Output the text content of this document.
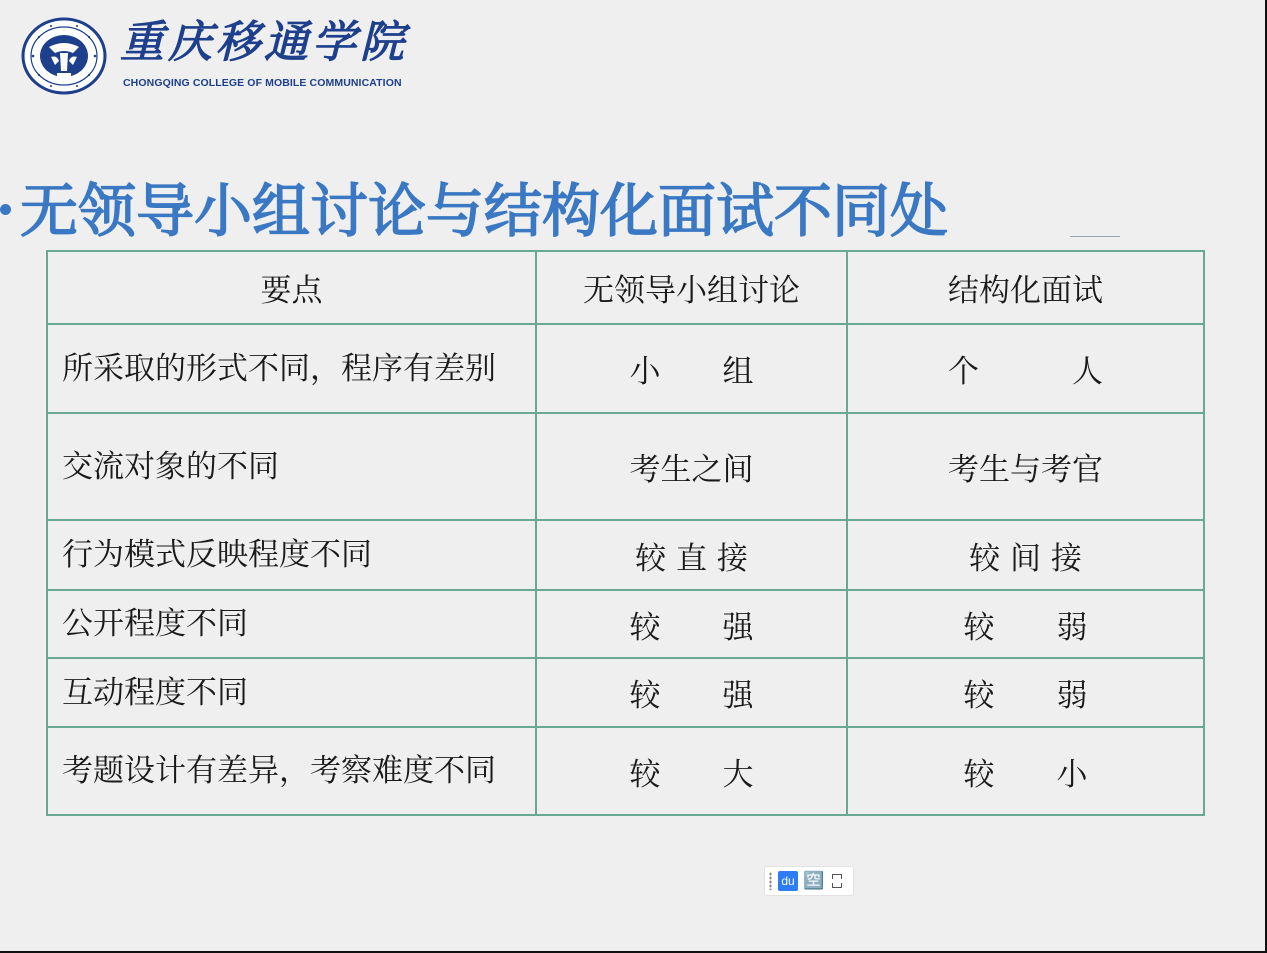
重庆移通学院
CHONGQING COLLEGE OF MOBILE COMMUNICATION
无领导小组讨论与结构化面试不同处
要点	无领导小组讨论	结构化面试
所采取的形式不同，程序有差别	小　　组	个　　　人
交流对象的不同	考生之间	考生与考官
行为模式反映程度不同	较 直 接	较 间 接
公开程度不同	较　　强	较　　弱
互动程度不同	较　　强	较　　弱
考题设计有差异，考察难度不同	较　　大	较　　小
du 🈳
